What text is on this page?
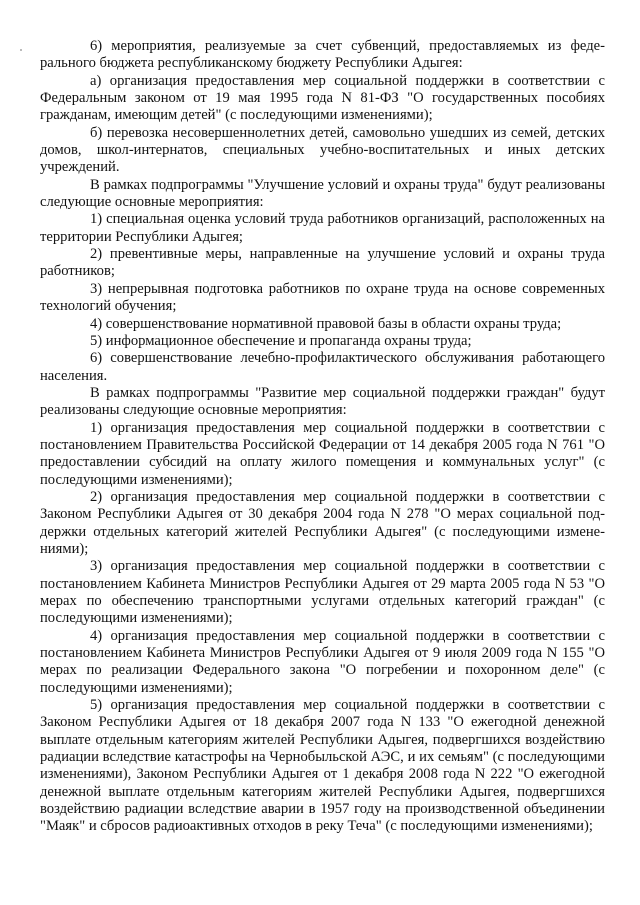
6) мероприятия, реализуемые за счет субвенций, предоставляемых из федерального бюджета республиканскому бюджету Республики Адыгея:

а) организация предоставления мер социальной поддержки в соответствии с Федеральным законом от 19 мая 1995 года N 81-ФЗ "О государственных пособиях гражданам, имеющим детей" (с последующими изменениями);

б) перевозка несовершеннолетних детей, самовольно ушедших из семей, детских домов, школ-интернатов, специальных учебно-воспитательных и иных детских учреждений.

В рамках подпрограммы "Улучшение условий и охраны труда" будут реализованы следующие основные мероприятия:

1) специальная оценка условий труда работников организаций, расположенных на территории Республики Адыгея;

2) превентивные меры, направленные на улучшение условий и охраны труда работников;

3) непрерывная подготовка работников по охране труда на основе современных технологий обучения;

4) совершенствование нормативной правовой базы в области охраны труда;

5) информационное обеспечение и пропаганда охраны труда;

6) совершенствование лечебно-профилактического обслуживания работающего населения.

В рамках подпрограммы "Развитие мер социальной поддержки граждан" будут реализованы следующие основные мероприятия:

1) организация предоставления мер социальной поддержки в соответствии с постановлением Правительства Российской Федерации от 14 декабря 2005 года N 761 "О предоставлении субсидий на оплату жилого помещения и коммунальных услуг" (с последующими изменениями);

2) организация предоставления мер социальной поддержки в соответствии с Законом Республики Адыгея от 30 декабря 2004 года N 278 "О мерах социальной поддержки отдельных категорий жителей Республики Адыгея" (с последующими изменениями);

3) организация предоставления мер социальной поддержки в соответствии с постановлением Кабинета Министров Республики Адыгея от 29 марта 2005 года N 53 "О мерах по обеспечению транспортными услугами отдельных категорий граждан" (с последующими изменениями);

4) организация предоставления мер социальной поддержки в соответствии с постановлением Кабинета Министров Республики Адыгея от 9 июля 2009 года N 155 "О мерах по реализации Федерального закона "О погребении и похоронном деле" (с последующими изменениями);

5) организация предоставления мер социальной поддержки в соответствии с Законом Республики Адыгея от 18 декабря 2007 года N 133 "О ежегодной денежной выплате отдельным категориям жителей Республики Адыгея, подвергшихся воздействию радиации вследствие катастрофы на Чернобыльской АЭС, и их семьям" (с последующими изменениями), Законом Республики Адыгея от 1 декабря 2008 года N 222 "О ежегодной денежной выплате отдельным категориям жителей Республики Адыгея, подвергшихся воздействию радиации вследствие аварии в 1957 году на производственной объединении "Маяк" и сбросов радиоактивных отходов в реку Теча" (с последующими изменениями);
